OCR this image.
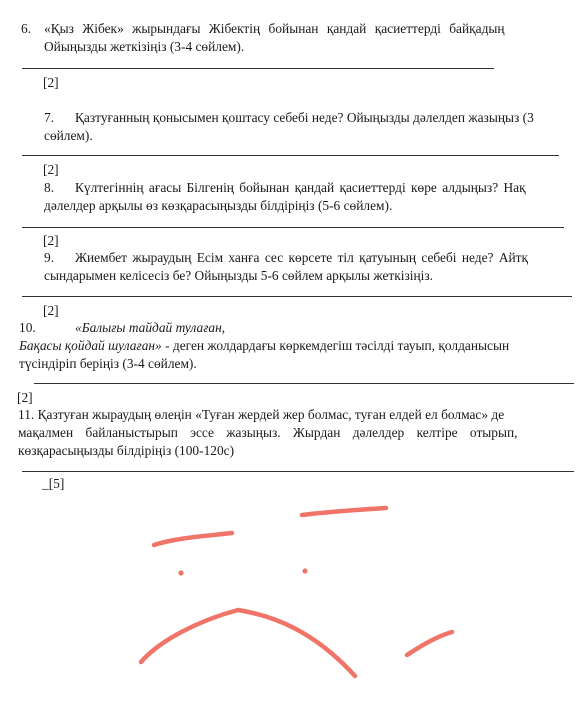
6. «Қыз Жібек» жырындағы Жібектің бойынан қандай қасиеттерді байқадың
Ойыңызды жеткізіңіз (3-4 сөйлем).
[2]
7. Қазтуғанның қонысымен қоштасу себебі неде? Ойыңызды дәлелдеп жазыңыз (3
сөйлем).
[2]
8. Күлтегіннің ағасы Білгенің бойынан қандай қасиеттерді көре алдыңыз? Нақ
дәлелдер арқылы өз көзқарасыңызды білдіріңіз (5-6 сөйлем).
[2]
9. Жиембет жыраудың Есім ханға сес көрсете тіл қатуының себебі неде? Айтқ
сындарымен келісесіз бе? Ойыңызды 5-6 сөйлем арқылы жеткізіңіз.
[2]
10.	«Балығы тайдай тулаған,
Бақасы қойдай шулаған» - деген жолдардағы көркемдегіш тәсілді тауып, қолданысын
түсіндіріп беріңіз (3-4 сөйлем).
[2]
11. Қазтуған жыраудың өлеңін «Туған жердей жер болмас, туған елдей ел болмас» де
мақалмен байланыстырып эссе жазыңыз. Жырдан дәлелдер келтіре отырып,
көзқарасыңызды білдіріңіз (100-120с)
_[5]
